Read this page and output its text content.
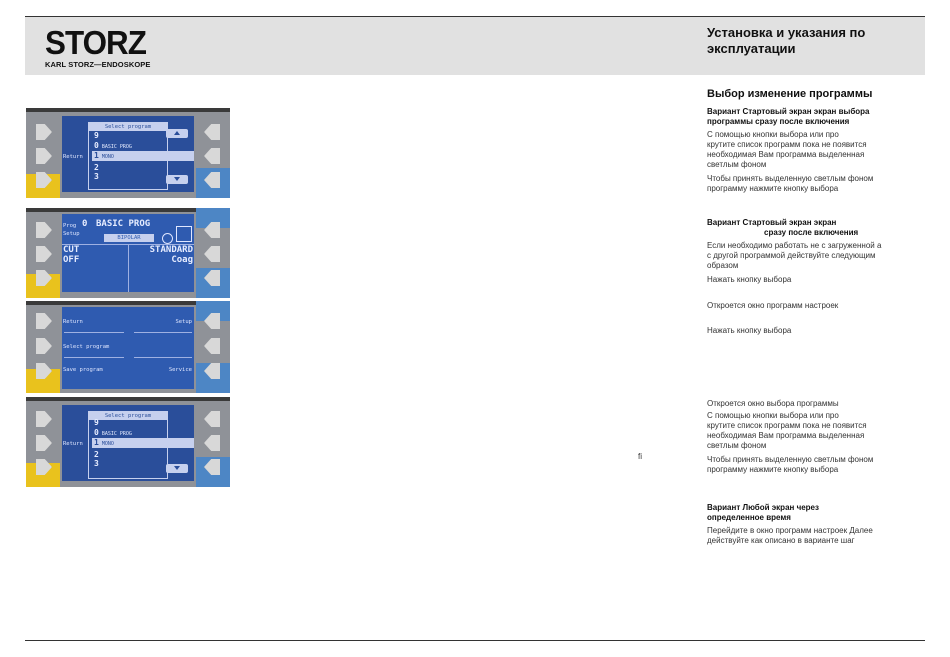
STORZ
KARL STORZ—ENDOSKOPE
Установка и указания по
эксплуатации
Return
Select program
9
0 BASIC PROG
1 MONO
2
3
Prog 0 BASIC PROG
Setup
BIPOLAR
CUT
OFF
STANDARD
Coag
Return	Setup
Select program
Save program	Service
Return
Select program
9
0 BASIC PROG
1 MONO
2
3
fi
Выбор изменение программы
Вариант Стартовый экран экран выбора
программы сразу после включения
С помощью кнопки выбора или про
крутите список программ пока не появится
необходимая Вам программа выделенная
светлым фоном
Чтобы принять выделенную светлым фоном
программу нажмите кнопку выбора
Вариант Стартовый экран экран
сразу после включения
Если необходимо работать не с загруженной а
с другой программой действуйте следующим
образом
Нажать кнопку выбора
Откроется окно программ настроек
Нажать кнопку выбора
Откроется окно выбора программы
С помощью кнопки выбора или про
крутите список программ пока не появится
необходимая Вам программа выделенная
светлым фоном
Чтобы принять выделенную светлым фоном
программу нажмите кнопку выбора
Вариант Любой экран через
определенное время
Перейдите в окно программ настроек Далее
действуйте как описано в варианте шаг
